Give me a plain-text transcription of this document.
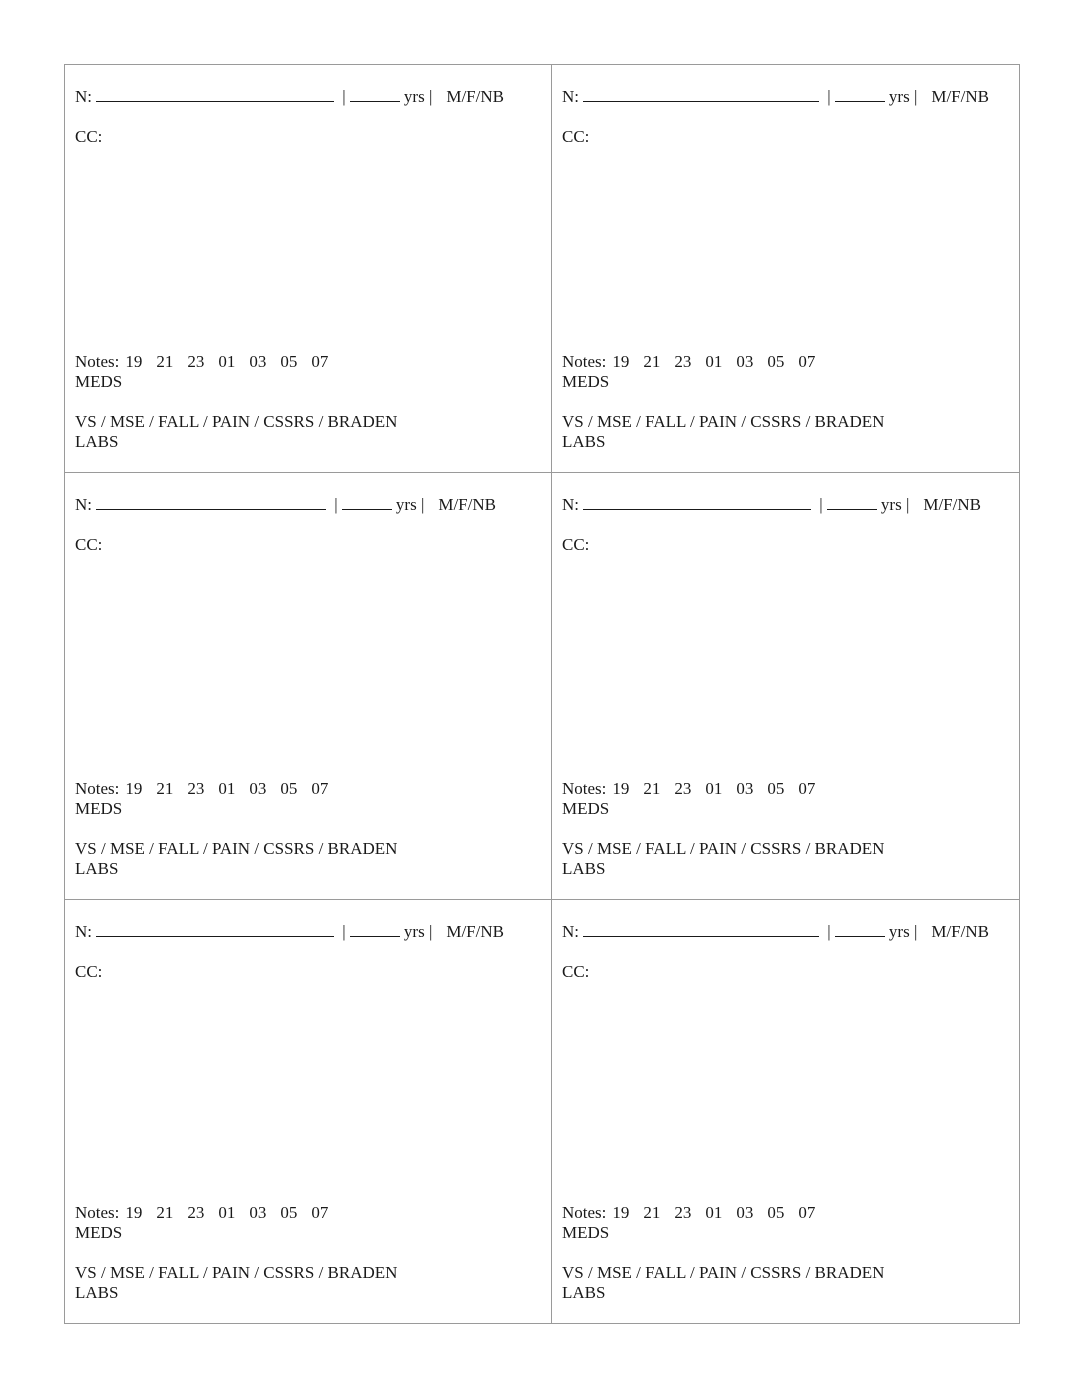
N:	|	yrs | M/F/NB
CC:
Notes: 19 21 23 01 03 05 07
MEDS
VS / MSE / FALL / PAIN / CSSRS / BRADEN
LABS
N:	|	yrs | M/F/NB
CC:
Notes: 19 21 23 01 03 05 07
MEDS
VS / MSE / FALL / PAIN / CSSRS / BRADEN
LABS
N:	|	yrs | M/F/NB
CC:
Notes: 19 21 23 01 03 05 07
MEDS
VS / MSE / FALL / PAIN / CSSRS / BRADEN
LABS
N:	|	yrs | M/F/NB
CC:
Notes: 19 21 23 01 03 05 07
MEDS
VS / MSE / FALL / PAIN / CSSRS / BRADEN
LABS
N:	|	yrs | M/F/NB
CC:
Notes: 19 21 23 01 03 05 07
MEDS
VS / MSE / FALL / PAIN / CSSRS / BRADEN
LABS
N:	|	yrs | M/F/NB
CC:
Notes: 19 21 23 01 03 05 07
MEDS
VS / MSE / FALL / PAIN / CSSRS / BRADEN
LABS
